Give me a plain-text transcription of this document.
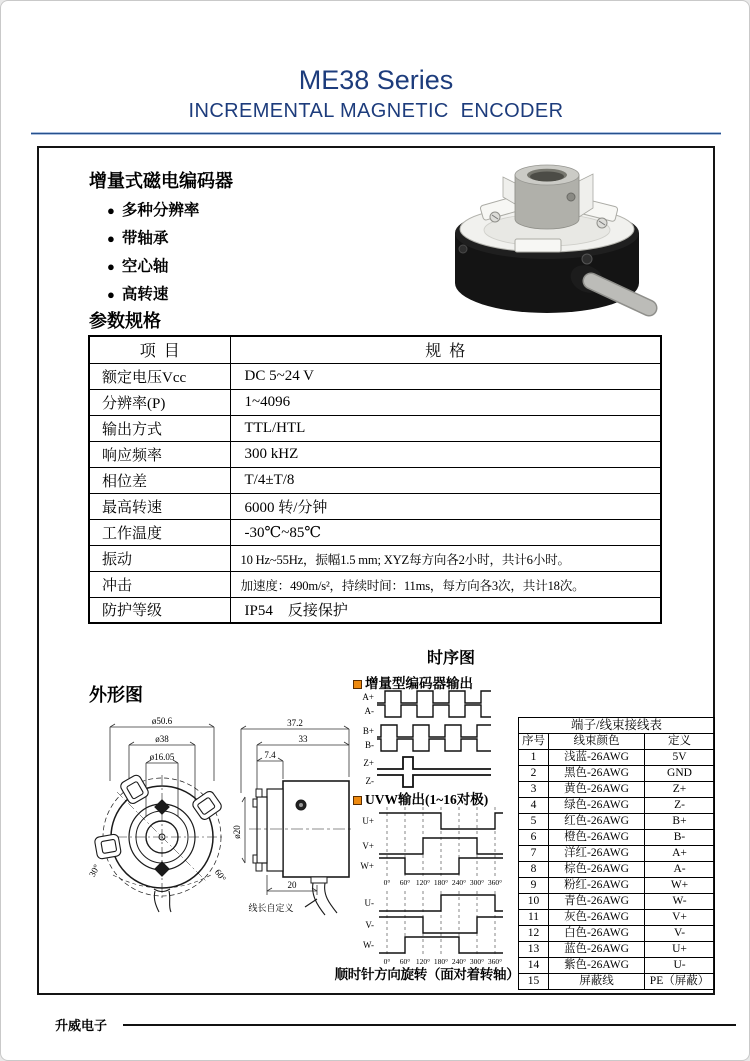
ME38 Series
INCREMENTAL MAGNETIC  ENCODER
增量式磁电编码器
● 多种分辨率
● 带轴承
● 空心轴
● 高转速
参数规格
项  目	规  格
额定电压Vcc	DC 5~24 V
分辨率(P)	1~4096
输出方式	TTL/HTL
响应频率	300 kHZ
相位差	T/4±T/8
最高转速	6000 转/分钟
工作温度	-30℃~85℃
振动	10 Hz~55Hz，振幅1.5 mm; XYZ每方向各2小时，共计6小时。
冲击	加速度：490m/s²，持续时间：11ms，每方向各3次，共计18次。
防护等级	IP54    反接保护
时序图
增量型编码器输出
UVW输出(1~16对极)
A+
A-
B+
B-
Z+
Z-
U+
V+
W+
0° 60° 120° 180° 240° 300° 360°
U-
V-
W-
0° 60° 120° 180° 240° 300° 360°
顺时针方向旋转（面对着转轴）
外形图
ø50.6
ø38
ø16.05
30°	60°
37.2
33
7.4
ø20
20
线长自定义
端子/线束接线表		
序号	线束颜色	定义
1	浅蓝-26AWG	5V
2	黑色-26AWG	GND
3	黄色-26AWG	Z+
4	绿色-26AWG	Z-
5	红色-26AWG	B+
6	橙色-26AWG	B-
7	洋红-26AWG	A+
8	棕色-26AWG	A-
9	粉红-26AWG	W+
10	青色-26AWG	W-
11	灰色-26AWG	V+
12	白色-26AWG	V-
13	蓝色-26AWG	U+
14	紫色-26AWG	U-
15	屏蔽线	PE（屏蔽）
升威电子
